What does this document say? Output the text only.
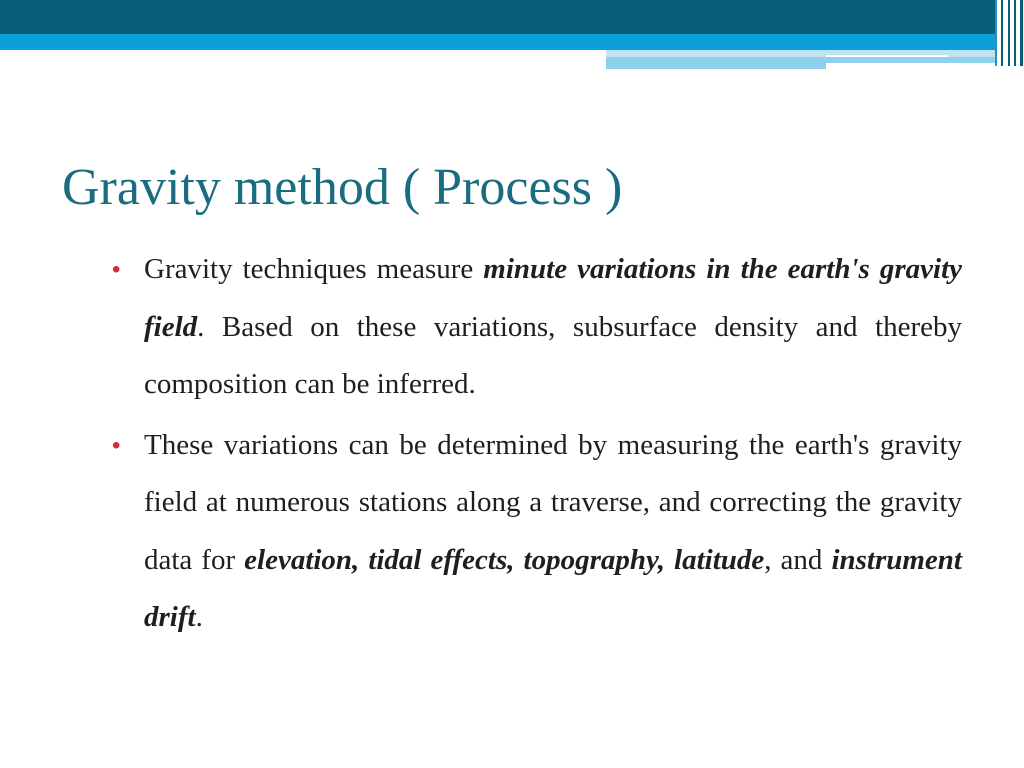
Gravity method ( Process )
• Gravity techniques measure minute variations in the earth's gravity field. Based on these variations, subsurface density and thereby composition can be inferred.

• These variations can be determined by measuring the earth's gravity field at numerous stations along a traverse, and correcting the gravity data for elevation, tidal effects, topography, latitude, and instrument drift.
